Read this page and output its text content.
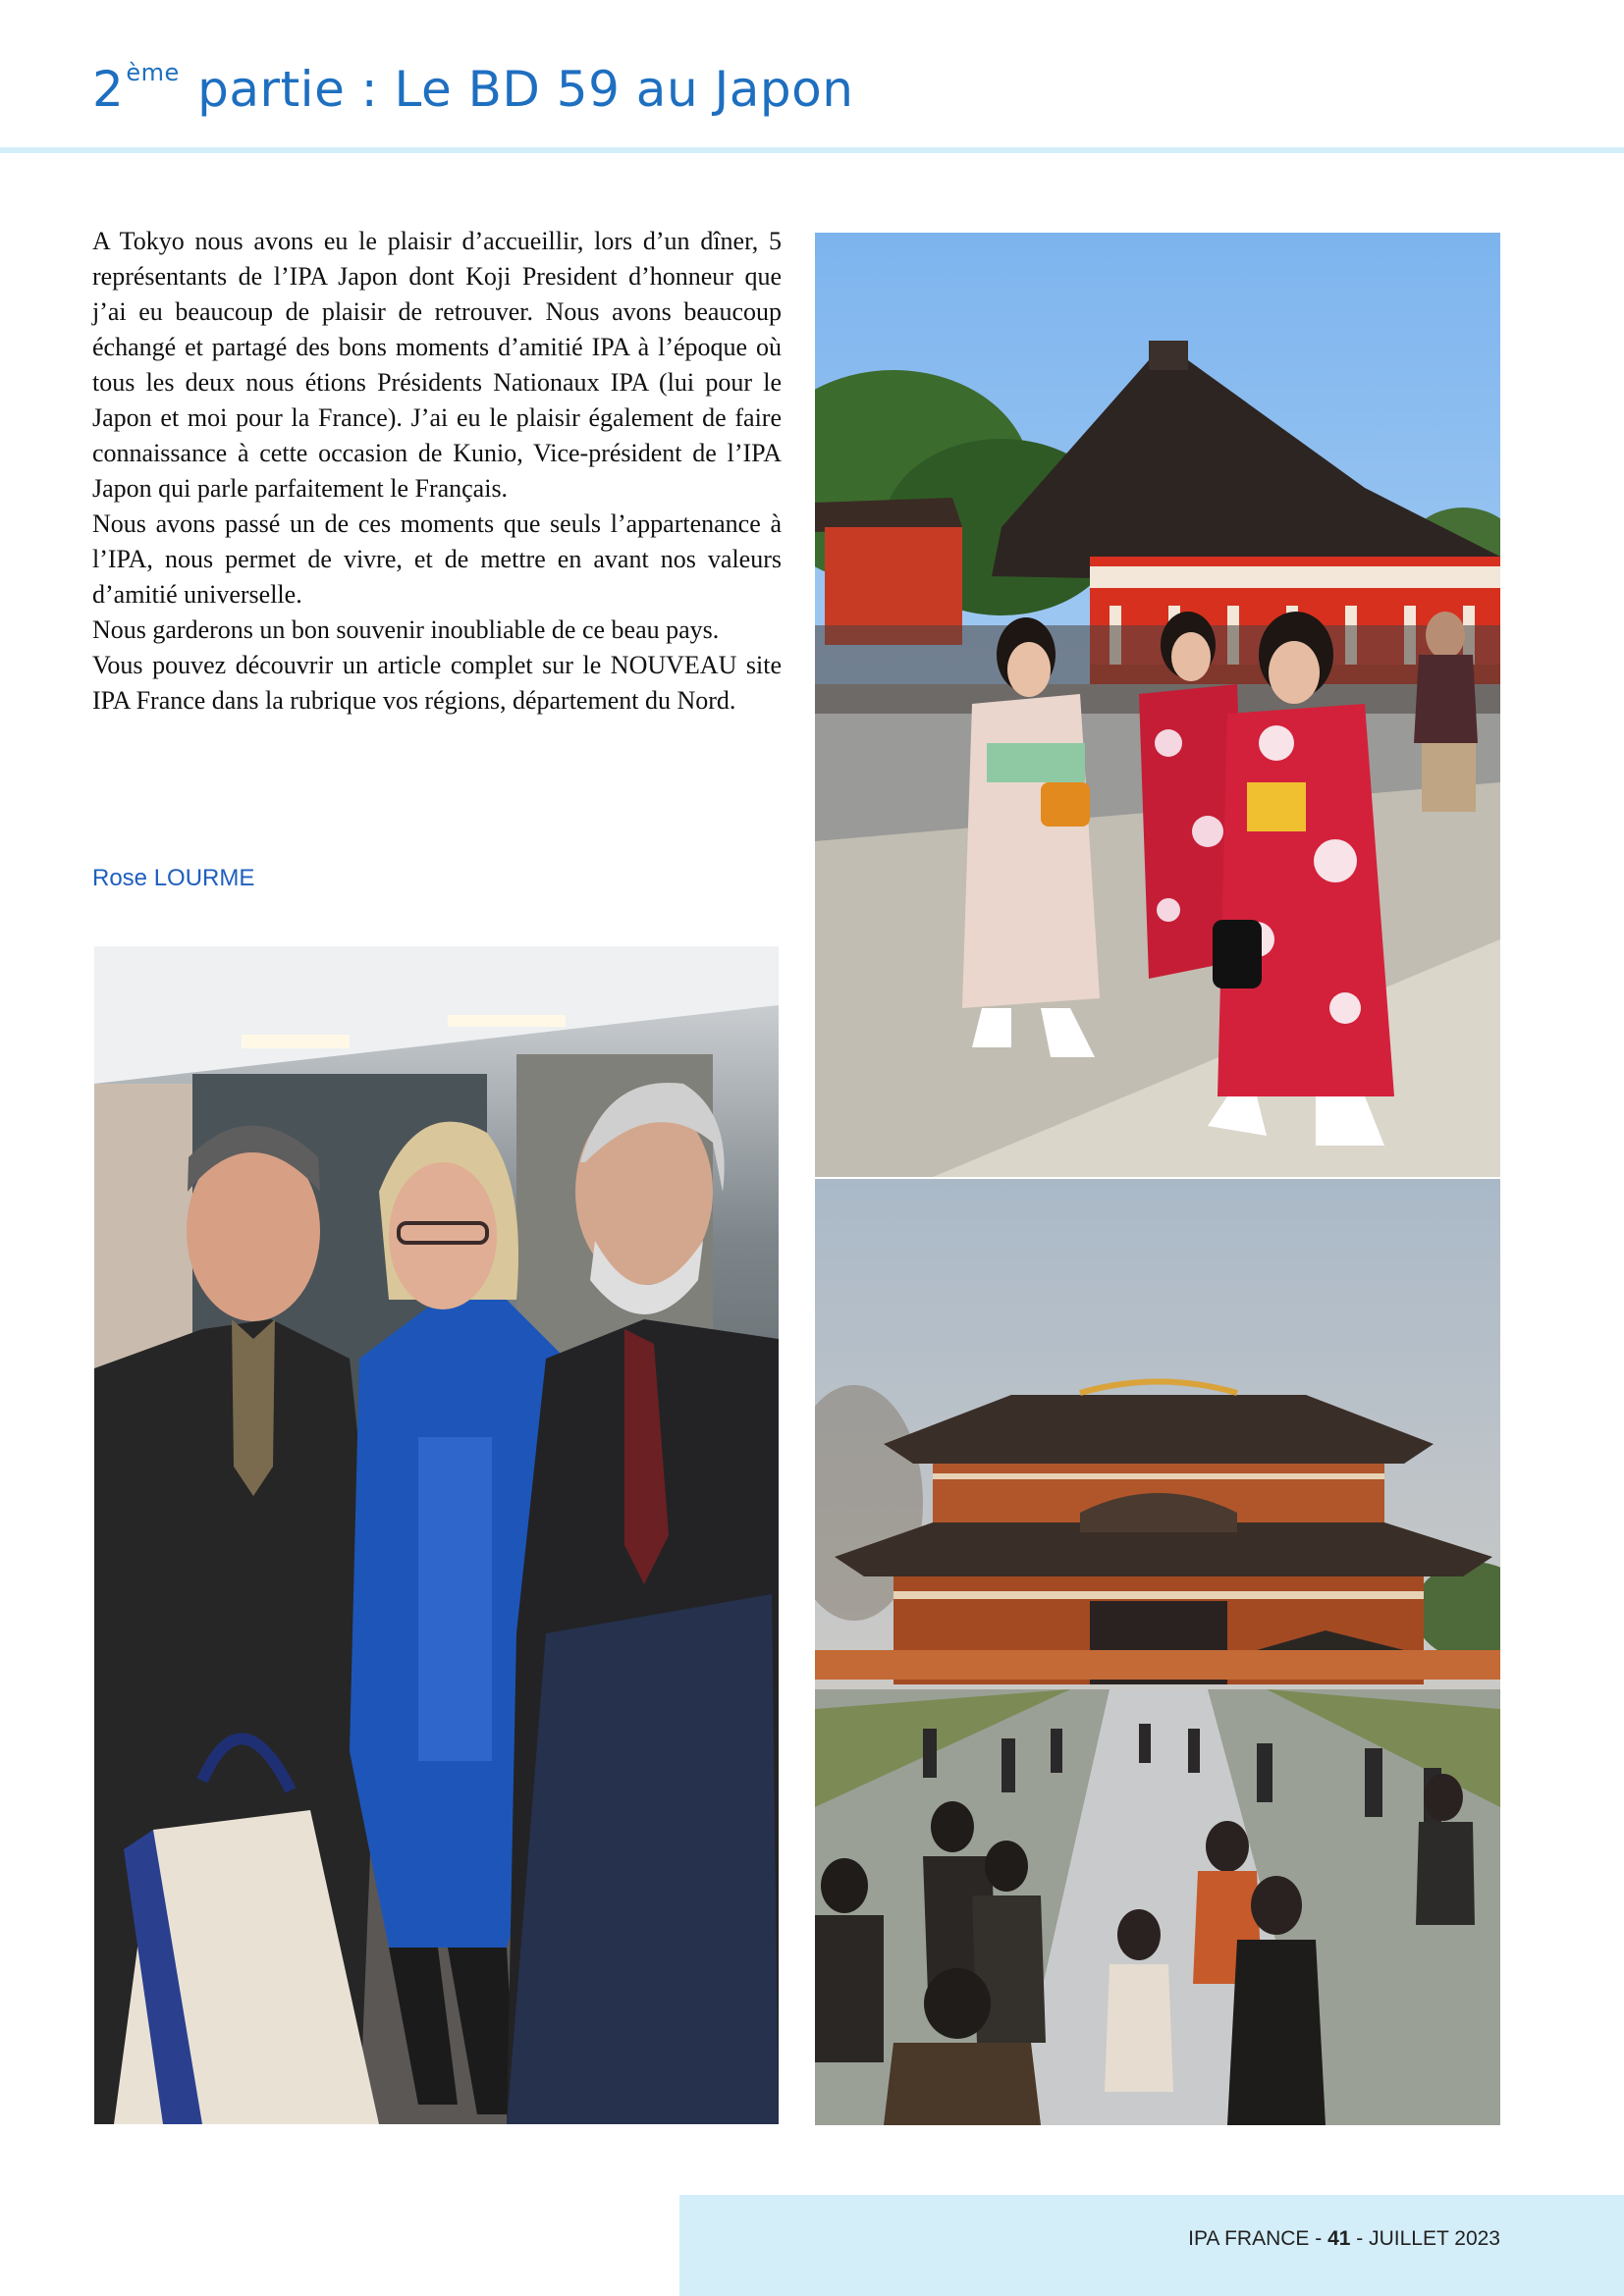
2ème partie : Le BD 59 au Japon

A Tokyo nous avons eu le plaisir d’accueillir, lors d’un dîner, 5 représentants de l’IPA Japon dont Koji President d’honneur que j’ai eu beaucoup de plaisir de retrouver. Nous avons beaucoup échangé et partagé des bons moments d’amitié IPA à l’époque où tous les deux nous étions Présidents Nationaux IPA (lui pour le Japon et moi pour la France). J’ai eu le plaisir également de faire connaissance à cette occasion de Kunio, Vice-président de l’IPA Japon qui parle parfaitement le Français.

Nous avons passé un de ces moments que seuls l’appartenance à l’IPA, nous permet de vivre, et de mettre en avant nos valeurs d’amitié universelle.

Nous garderons un bon souvenir inoubliable de ce beau pays.

Vous pouvez découvrir un article complet sur le NOUVEAU site IPA France dans la rubrique vos régions, département du Nord.

Rose LOURME

IPA FRANCE - 41 - JUILLET 2023
